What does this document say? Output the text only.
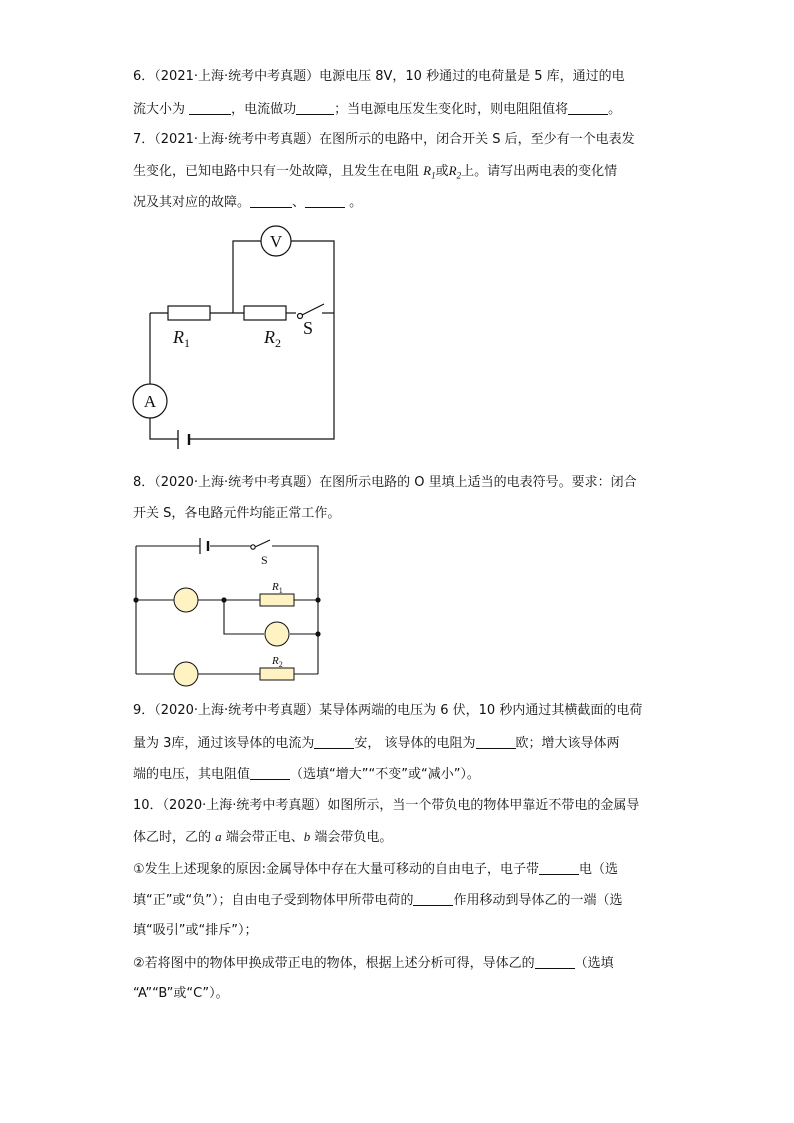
6．（2021·上海·统考中考真题）电源电压 8V，10 秒通过的电荷量是 5 库，通过的电
流大小为	，电流做功	；当电源电压发生变化时，则电阻阻值将	。
7．（2021·上海·统考中考真题）在图所示的电路中，闭合开关 S 后，至少有一个电表发
生变化，已知电路中只有一处故障，且发生在电阻 $R_1$或$R_2$上。请写出两电表的变化情
况及其对应的故障。	、	。
V
A
$R_1$	$R_2$
S
8．（2020·上海·统考中考真题）在图所示电路的 O 里填上适当的电表符号。要求：闭合
开关 S，各电路元件均能正常工作。
S
$R_1$
$R_2$
9．（2020·上海·统考中考真题）某导体两端的电压为 6 伏，10 秒内通过其横截面的电荷
量为 3库，通过该导体的电流为	安， 该导体的电阻为	欧；增大该导体两
端的电压，其电阻值	（选填“增大”“不变”或“减小”）。
10．（2020·上海·统考中考真题）如图所示，当一个带负电的物体甲靠近不带电的金属导
体乙时，乙的 a 端会带正电、b 端会带负电。
①发生上述现象的原因:金属导体中存在大量可移动的自由电子，电子带	电（选
填“正”或“负”）；自由电子受到物体甲所带电荷的	作用移动到导体乙的一端（选
填“吸引”或“排斥”）；
②若将图中的物体甲换成带正电的物体，根据上述分析可得，导体乙的	（选填
“A”“B”或“C”）。
